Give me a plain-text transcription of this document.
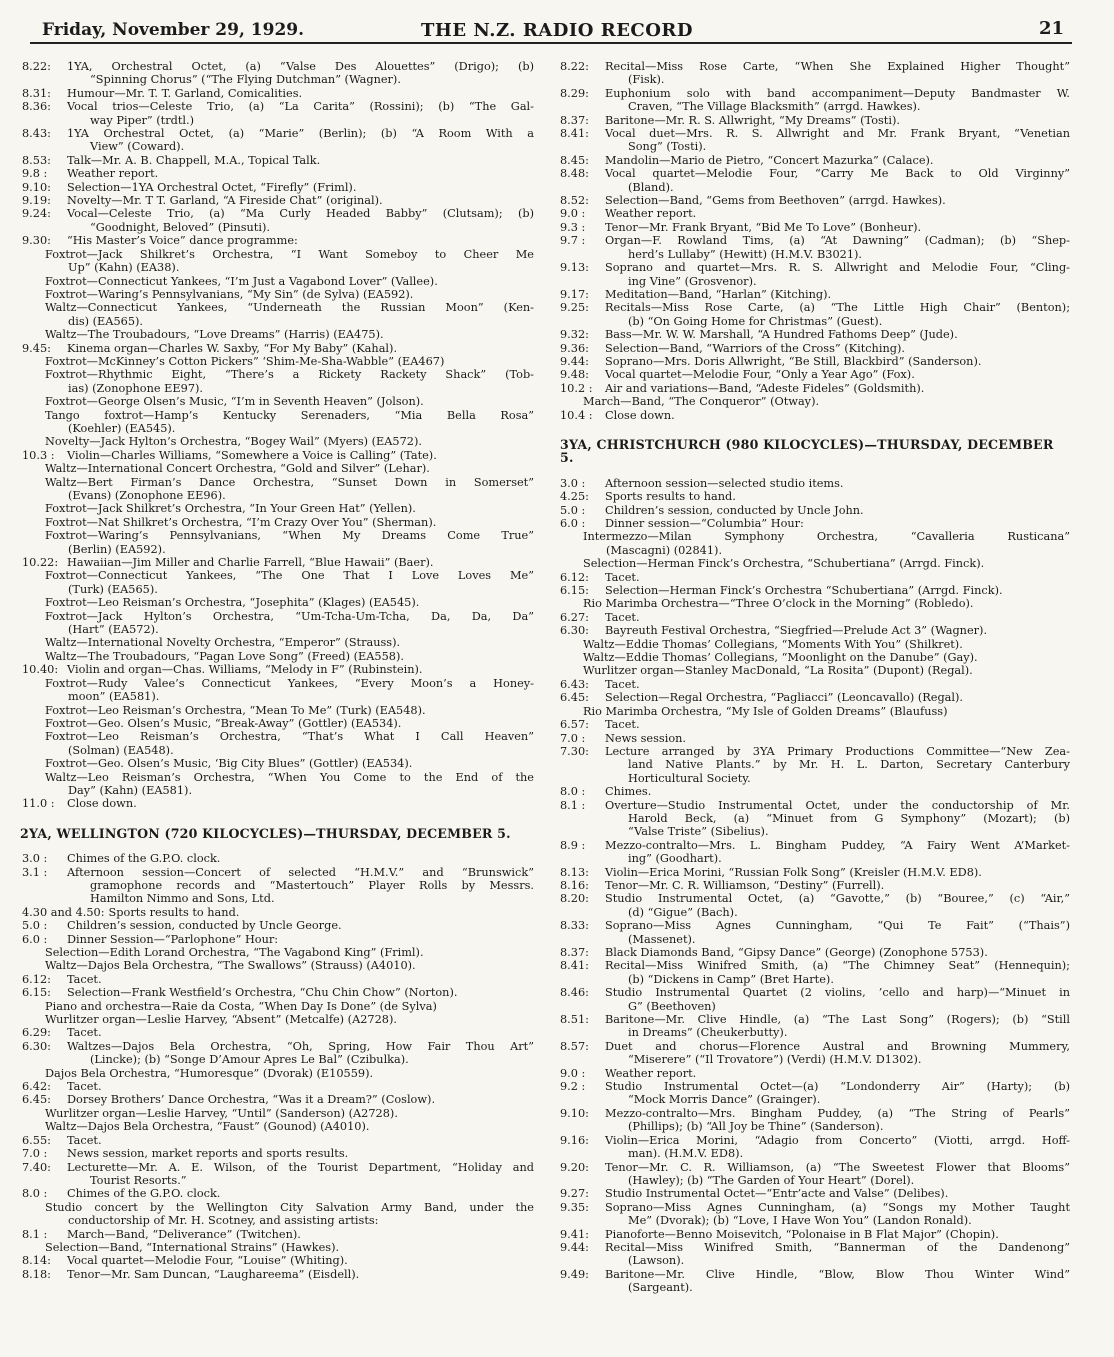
Friday, November 29, 1929.	THE N.Z. RADIO RECORD	21
8.22:	1YA, Orchestral Octet, (a) “Valse Des Alouettes” (Drigo); (b)
“Spinning Chorus” (“The Flying Dutchman” (Wagner).
8.31:	Humour—Mr. T. T. Garland, Comicalities.
8.36:	Vocal trios—Celeste Trio, (a) “La Carita” (Rossini); (b) “The Gal-
way Piper” (trdtl.)
8.43:	1YA Orchestral Octet, (a) “Marie” (Berlin); (b) “A Room With a
View” (Coward).
8.53:	Talk—Mr. A. B. Chappell, M.A., Topical Talk.
9.8 :	Weather report.
9.10:	Selection—1YA Orchestral Octet, “Firefly” (Friml).
9.19:	Novelty—Mr. T T. Garland, “A Fireside Chat” (original).
9.24:	Vocal—Celeste Trio, (a) “Ma Curly Headed Babby” (Clutsam); (b)
“Goodnight, Beloved” (Pinsuti).
9.30:	“His Master’s Voice” dance programme:
Foxtrot—Jack Shilkret’s Orchestra, “I Want Someboy to Cheer Me
Up” (Kahn) (EA38).
Foxtrot—Connecticut Yankees, “I’m Just a Vagabond Lover” (Vallee).
Foxtrot—Waring’s Pennsylvanians, “My Sin” (de Sylva) (EA592).
Waltz—Connecticut Yankees, “Underneath the Russian Moon” (Ken-
dis) (EA565).
Waltz—The Troubadours, “Love Dreams” (Harris) (EA475).
9.45:	Kinema organ—Charles W. Saxby, “For My Baby” (Kahal).
Foxtrot—McKinney’s Cotton Pickers” ‘Shim-Me-Sha-Wabble” (EA467)
Foxtrot—Rhythmic Eight, “There’s a Rickety Rackety Shack” (Tob-
ias) (Zonophone EE97).
Foxtrot—George Olsen’s Music, “I’m in Seventh Heaven” (Jolson).
Tango foxtrot—Hamp’s Kentucky Serenaders, “Mia Bella Rosa”
(Koehler) (EA545).
Novelty—Jack Hylton’s Orchestra, “Bogey Wail” (Myers) (EA572).
10.3 :	Violin—Charles Williams, “Somewhere a Voice is Calling” (Tate).
Waltz—International Concert Orchestra, “Gold and Silver” (Lehar).
Waltz—Bert Firman’s Dance Orchestra, “Sunset Down in Somerset”
(Evans) (Zonophone EE96).
Foxtrot—Jack Shilkret’s Orchestra, “In Your Green Hat” (Yellen).
Foxtrot—Nat Shilkret’s Orchestra, “I’m Crazy Over You” (Sherman).
Foxtrot—Waring’s Pennsylvanians, “When My Dreams Come True”
(Berlin) (EA592).
10.22: Hawaiian—Jim Miller and Charlie Farrell, “Blue Hawaii” (Baer).
Foxtrot—Connecticut Yankees, “The One That I Love Loves Me”
(Turk) (EA565).
Foxtrot—Leo Reisman’s Orchestra, “Josephita” (Klages) (EA545).
Foxtrot—Jack Hylton’s Orchestra, “Um-Tcha-Um-Tcha, Da, Da, Da”
(Hart” (EA572).
Waltz—International Novelty Orchestra, “Emperor” (Strauss).
Waltz—The Troubadours, “Pagan Love Song” (Freed) (EA558).
10.40: Violin and organ—Chas. Williams, “Melody in F” (Rubinstein).
Foxtrot—Rudy Valee’s Connecticut Yankees, “Every Moon’s a Honey-
moon” (EA581).
Foxtrot—Leo Reisman’s Orchestra, “Mean To Me” (Turk) (EA548).
Foxtrot—Geo. Olsen’s Music, “Break-Away” (Gottler) (EA534).
Foxtrot—Leo Reisman’s Orchestra, “That’s What I Call Heaven”
(Solman) (EA548).
Foxtrot—Geo. Olsen’s Music, ‘Big City Blues” (Gottler) (EA534).
Waltz—Leo Reisman’s Orchestra, “When You Come to the End of the
Day” (Kahn) (EA581).
11.0 :	Close down.
2YA, WELLINGTON (720 KILOCYCLES)—THURSDAY, DECEMBER 5.
3.0 :	Chimes of the G.P.O. clock.
3.1 :	Afternoon session—Concert of selected “H.M.V.” and “Brunswick”
gramophone records and “Mastertouch” Player Rolls by Messrs.
Hamilton Nimmo and Sons, Ltd.
4.30 and 4.50: Sports results to hand.
5.0 :	Children’s session, conducted by Uncle George.
6.0 :	Dinner Session—“Parlophone” Hour:
Selection—Edith Lorand Orchestra, “The Vagabond King” (Friml).
Waltz—Dajos Bela Orchestra, “The Swallows” (Strauss) (A4010).
6.12:	Tacet.
6.15:	Selection—Frank Westfield’s Orchestra, “Chu Chin Chow” (Norton).
Piano and orchestra—Raie da Costa, “When Day Is Done” (de Sylva)
Wurlitzer organ—Leslie Harvey, “Absent” (Metcalfe) (A2728).
6.29:	Tacet.
6.30:	Waltzes—Dajos Bela Orchestra, “Oh, Spring, How Fair Thou Art”
(Lincke); (b) “Songe D’Amour Apres Le Bal” (Czibulka).
Dajos Bela Orchestra, “Humoresque” (Dvorak) (E10559).
6.42:	Tacet.
6.45:	Dorsey Brothers’ Dance Orchestra, “Was it a Dream?” (Coslow).
Wurlitzer organ—Leslie Harvey, “Until” (Sanderson) (A2728).
Waltz—Dajos Bela Orchestra, “Faust” (Gounod) (A4010).
6.55:	Tacet.
7.0 :	News session, market reports and sports results.
7.40:	Lecturette—Mr. A. E. Wilson, of the Tourist Department, “Holiday and
Tourist Resorts.”
8.0 :	Chimes of the G.P.O. clock.
Studio concert by the Wellington City Salvation Army Band, under the
conductorship of Mr. H. Scotney, and assisting artists:
8.1 :	March—Band, “Deliverance” (Twitchen).
Selection—Band, “International Strains” (Hawkes).
8.14:	Vocal quartet—Melodie Four, “Louise” (Whiting).
8.18:	Tenor—Mr. Sam Duncan, “Laughareema” (Eisdell).
8.22:	Recital—Miss Rose Carte, “When She Explained Higher Thought”
(Fisk).
8.29:	Euphonium solo with band accompaniment—Deputy Bandmaster W.
Craven, “The Village Blacksmith” (arrgd. Hawkes).
8.37:	Baritone—Mr. R. S. Allwright, “My Dreams” (Tosti).
8.41:	Vocal duet—Mrs. R. S. Allwright and Mr. Frank Bryant, “Venetian
Song” (Tosti).
8.45:	Mandolin—Mario de Pietro, “Concert Mazurka” (Calace).
8.48:	Vocal quartet—Melodie Four, “Carry Me Back to Old Virginny”
(Bland).
8.52:	Selection—Band, “Gems from Beethoven” (arrgd. Hawkes).
9.0 :	Weather report.
9.3 :	Tenor—Mr. Frank Bryant, “Bid Me To Love” (Bonheur).
9.7 :	Organ—F. Rowland Tims, (a) “At Dawning” (Cadman); (b) “Shep-
herd’s Lullaby” (Hewitt) (H.M.V. B3021).
9.13:	Soprano and quartet—Mrs. R. S. Allwright and Melodie Four, “Cling-
ing Vine” (Grosvenor).
9.17:	Meditation—Band, “Harlan” (Kitching).
9.25:	Recitals—Miss Rose Carte, (a) “The Little High Chair” (Benton);
(b) “On Going Home for Christmas” (Guest).
9.32:	Bass—Mr. W. W. Marshall, “A Hundred Fathoms Deep” (Jude).
9.36:	Selection—Band, “Warriors of the Cross” (Kitching).
9.44:	Soprano—Mrs. Doris Allwright, “Be Still, Blackbird” (Sanderson).
9.48:	Vocal quartet—Melodie Four, “Only a Year Ago” (Fox).
10.2 :	Air and variations—Band, “Adeste Fideles” (Goldsmith).
March—Band, “The Conqueror” (Otway).
10.4 :	Close down.
3YA, CHRISTCHURCH (980 KILOCYCLES)—THURSDAY, DECEMBER 5.
3.0 :	Afternoon session—selected studio items.
4.25:	Sports results to hand.
5.0 :	Children’s session, conducted by Uncle John.
6.0 :	Dinner session—“Columbia” Hour:
Intermezzo—Milan Symphony Orchestra, “Cavalleria Rusticana”
(Mascagni) (02841).
Selection—Herman Finck’s Orchestra, “Schubertiana” (Arrgd. Finck).
6.12:	Tacet.
6.15:	Selection—Herman Finck’s Orchestra “Schubertiana” (Arrgd. Finck).
Rio Marimba Orchestra—“Three O’clock in the Morning” (Robledo).
6.27:	Tacet.
6.30:	Bayreuth Festival Orchestra, “Siegfried—Prelude Act 3” (Wagner).
Waltz—Eddie Thomas’ Collegians, “Moments With You” (Shilkret).
Waltz—Eddie Thomas’ Collegians, “Moonlight on the Danube” (Gay).
Wurlitzer organ—Stanley MacDonald, “La Rosita” (Dupont) (Regal).
6.43:	Tacet.
6.45:	Selection—Regal Orchestra, “Pagliacci” (Leoncavallo) (Regal).
Rio Marimba Orchestra, “My Isle of Golden Dreams” (Blaufuss)
6.57:	Tacet.
7.0 :	News session.
7.30:	Lecture arranged by 3YA Primary Productions Committee—“New Zea-
land Native Plants.” by Mr. H. L. Darton, Secretary Canterbury
Horticultural Society.
8.0 :	Chimes.
8.1 :	Overture—Studio Instrumental Octet, under the conductorship of Mr.
Harold Beck, (a) “Minuet from G Symphony” (Mozart); (b)
“Valse Triste” (Sibelius).
8.9 :	Mezzo-contralto—Mrs. L. Bingham Puddey, “A Fairy Went A’Market-
ing” (Goodhart).
8.13:	Violin—Erica Morini, “Russian Folk Song” (Kreisler (H.M.V. ED8).
8.16:	Tenor—Mr. C. R. Williamson, “Destiny” (Furrell).
8.20:	Studio Instrumental Octet, (a) “Gavotte,” (b) “Bouree,” (c) “Air,”
(d) “Gigue” (Bach).
8.33:	Soprano—Miss Agnes Cunningham, “Qui Te Fait” (“Thais”)
(Massenet).
8.37:	Black Diamonds Band, “Gipsy Dance” (George) (Zonophone 5753).
8.41:	Recital—Miss Winifred Smith, (a) “The Chimney Seat” (Hennequin);
(b) “Dickens in Camp” (Bret Harte).
8.46:	Studio Instrumental Quartet (2 violins, ’cello and harp)—“Minuet in
G” (Beethoven)
8.51:	Baritone—Mr. Clive Hindle, (a) “The Last Song” (Rogers); (b) “Still
in Dreams” (Cheukerbutty).
8.57:	Duet and chorus—Florence Austral and Browning Mummery,
“Miserere” (“Il Trovatore”) (Verdi) (H.M.V. D1302).
9.0 :	Weather report.
9.2 :	Studio Instrumental Octet—(a) “Londonderry Air” (Harty); (b)
“Mock Morris Dance” (Grainger).
9.10:	Mezzo-contralto—Mrs. Bingham Puddey, (a) “The String of Pearls”
(Phillips); (b) “All Joy be Thine” (Sanderson).
9.16:	Violin—Erica Morini, “Adagio from Concerto” (Viotti, arrgd. Hoff-
man). (H.M.V. ED8).
9.20:	Tenor—Mr. C. R. Williamson, (a) “The Sweetest Flower that Blooms”
(Hawley); (b) “The Garden of Your Heart” (Dorel).
9.27:	Studio Instrumental Octet—“Entr’acte and Valse” (Delibes).
9.35:	Soprano—Miss Agnes Cunningham, (a) “Songs my Mother Taught
Me” (Dvorak); (b) “Love, I Have Won You” (Landon Ronald).
9.41:	Pianoforte—Benno Moisevitch, “Polonaise in B Flat Major” (Chopin).
9.44:	Recital—Miss Winifred Smith, “Bannerman of the Dandenong”
(Lawson).
9.49:	Baritone—Mr. Clive Hindle, “Blow, Blow Thou Winter Wind”
(Sargeant).
